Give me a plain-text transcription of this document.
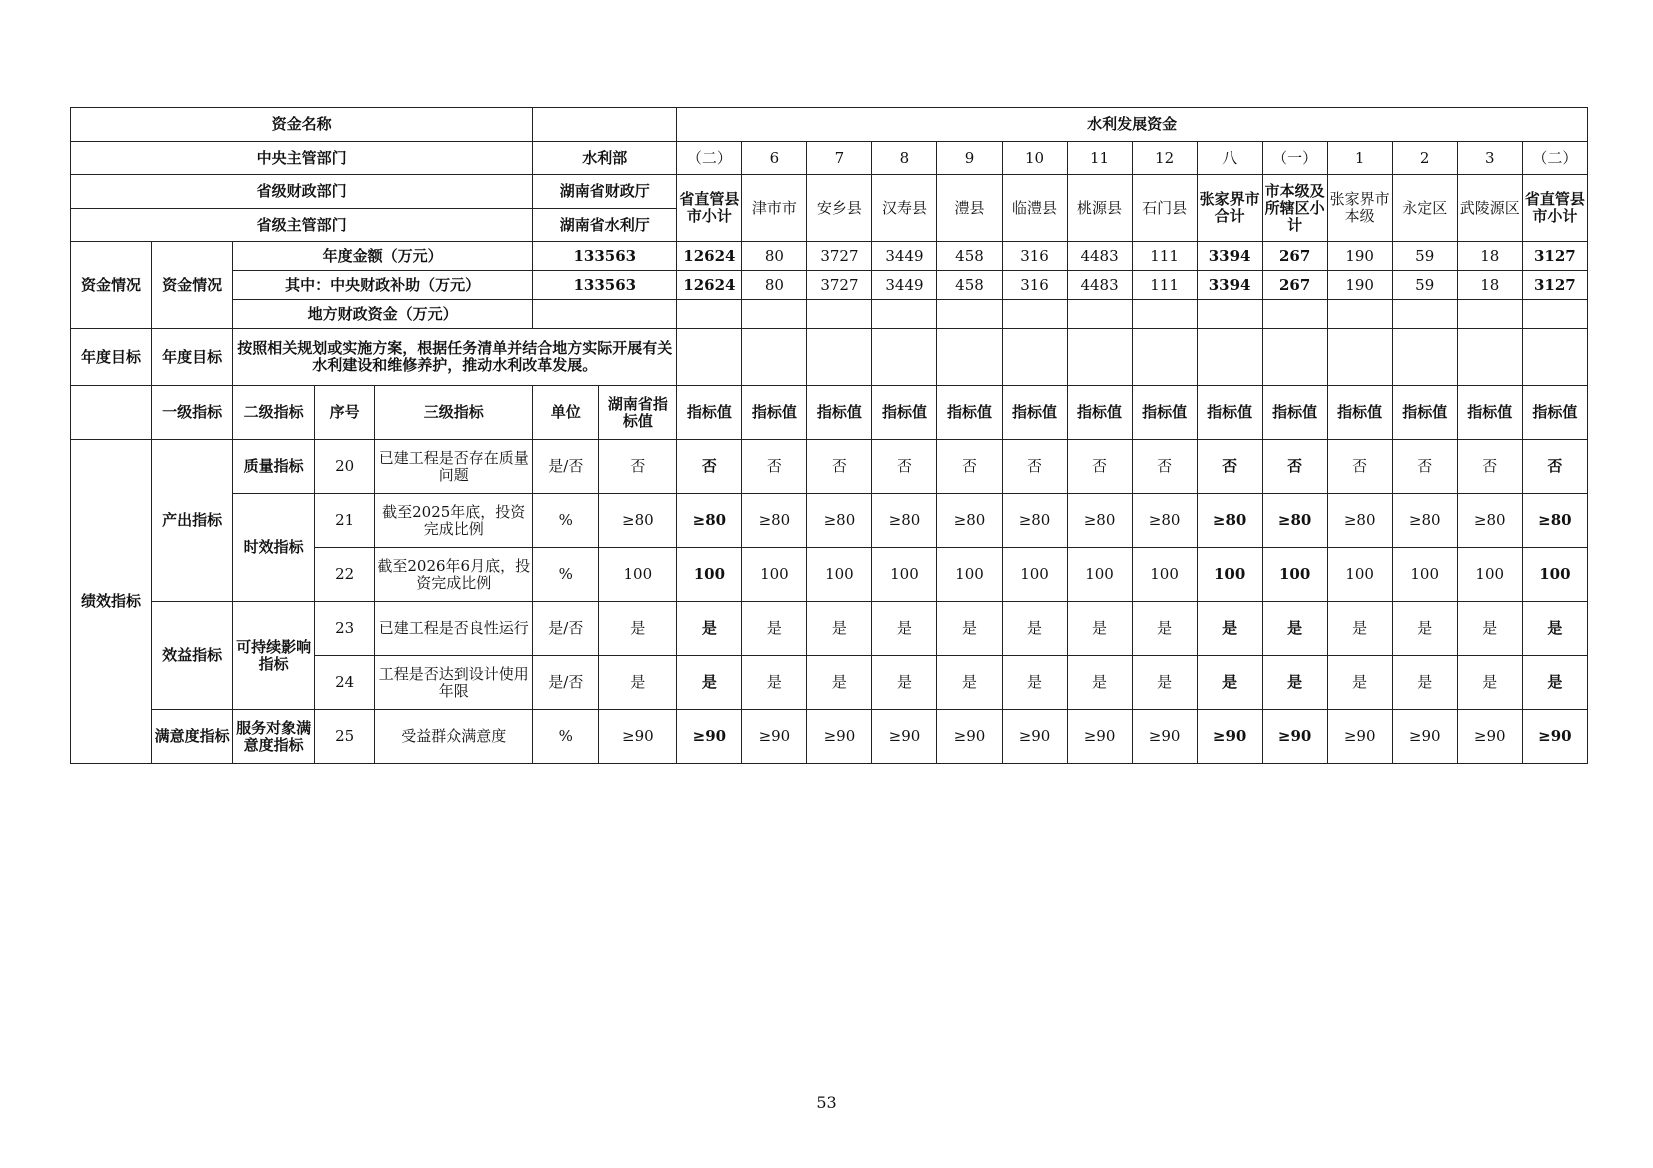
资金名称							水利发展资金													
中央主管部门					水利部		（二）	6	7	8	9	10	11	12	八	（一）	1	2	3	（二）
省级财政部门					湖南省财政厅		省直管县市小计	津市市	安乡县	汉寿县	澧县	临澧县	桃源县	石门县	张家界市合计	市本级及所辖区小计	张家界市本级	永定区	武陵源区	省直管县市小计
省级主管部门					湖南省水利厅															
资金情况	资金情况	年度金额（万元）			133563		12624	80	3727	3449	458	316	4483	111	3394	267	190	59	18	3127
		其中：中央财政补助（万元）			133563		12624	80	3727	3449	458	316	4483	111	3394	267	190	59	18	3127
		地方财政资金（万元）																		
年度目标	年度目标	按照相关规划或实施方案，根据任务清单并结合地方实际开展有关水利建设和维修养护，推动水利改革发展。																		
	一级指标	二级指标	序号	三级指标	单位	湖南省指标值	指标值	指标值	指标值	指标值	指标值	指标值	指标值	指标值	指标值	指标值	指标值	指标值	指标值	指标值
绩效指标	产出指标	质量指标	20	已建工程是否存在质量问题	是/否	否	否	否	否	否	否	否	否	否	否	否	否	否	否	否
		时效指标	21	截至2025年底，投资完成比例	%	≥80	≥80	≥80	≥80	≥80	≥80	≥80	≥80	≥80	≥80	≥80	≥80	≥80	≥80	≥80
			22	截至2026年6月底，投资完成比例	%	100	100	100	100	100	100	100	100	100	100	100	100	100	100	100
	效益指标	可持续影响指标	23	已建工程是否良性运行	是/否	是	是	是	是	是	是	是	是	是	是	是	是	是	是	是
			24	工程是否达到设计使用年限	是/否	是	是	是	是	是	是	是	是	是	是	是	是	是	是	是
	满意度指标	服务对象满意度指标	25	受益群众满意度	%	≥90	≥90	≥90	≥90	≥90	≥90	≥90	≥90	≥90	≥90	≥90	≥90	≥90	≥90	≥90
53
